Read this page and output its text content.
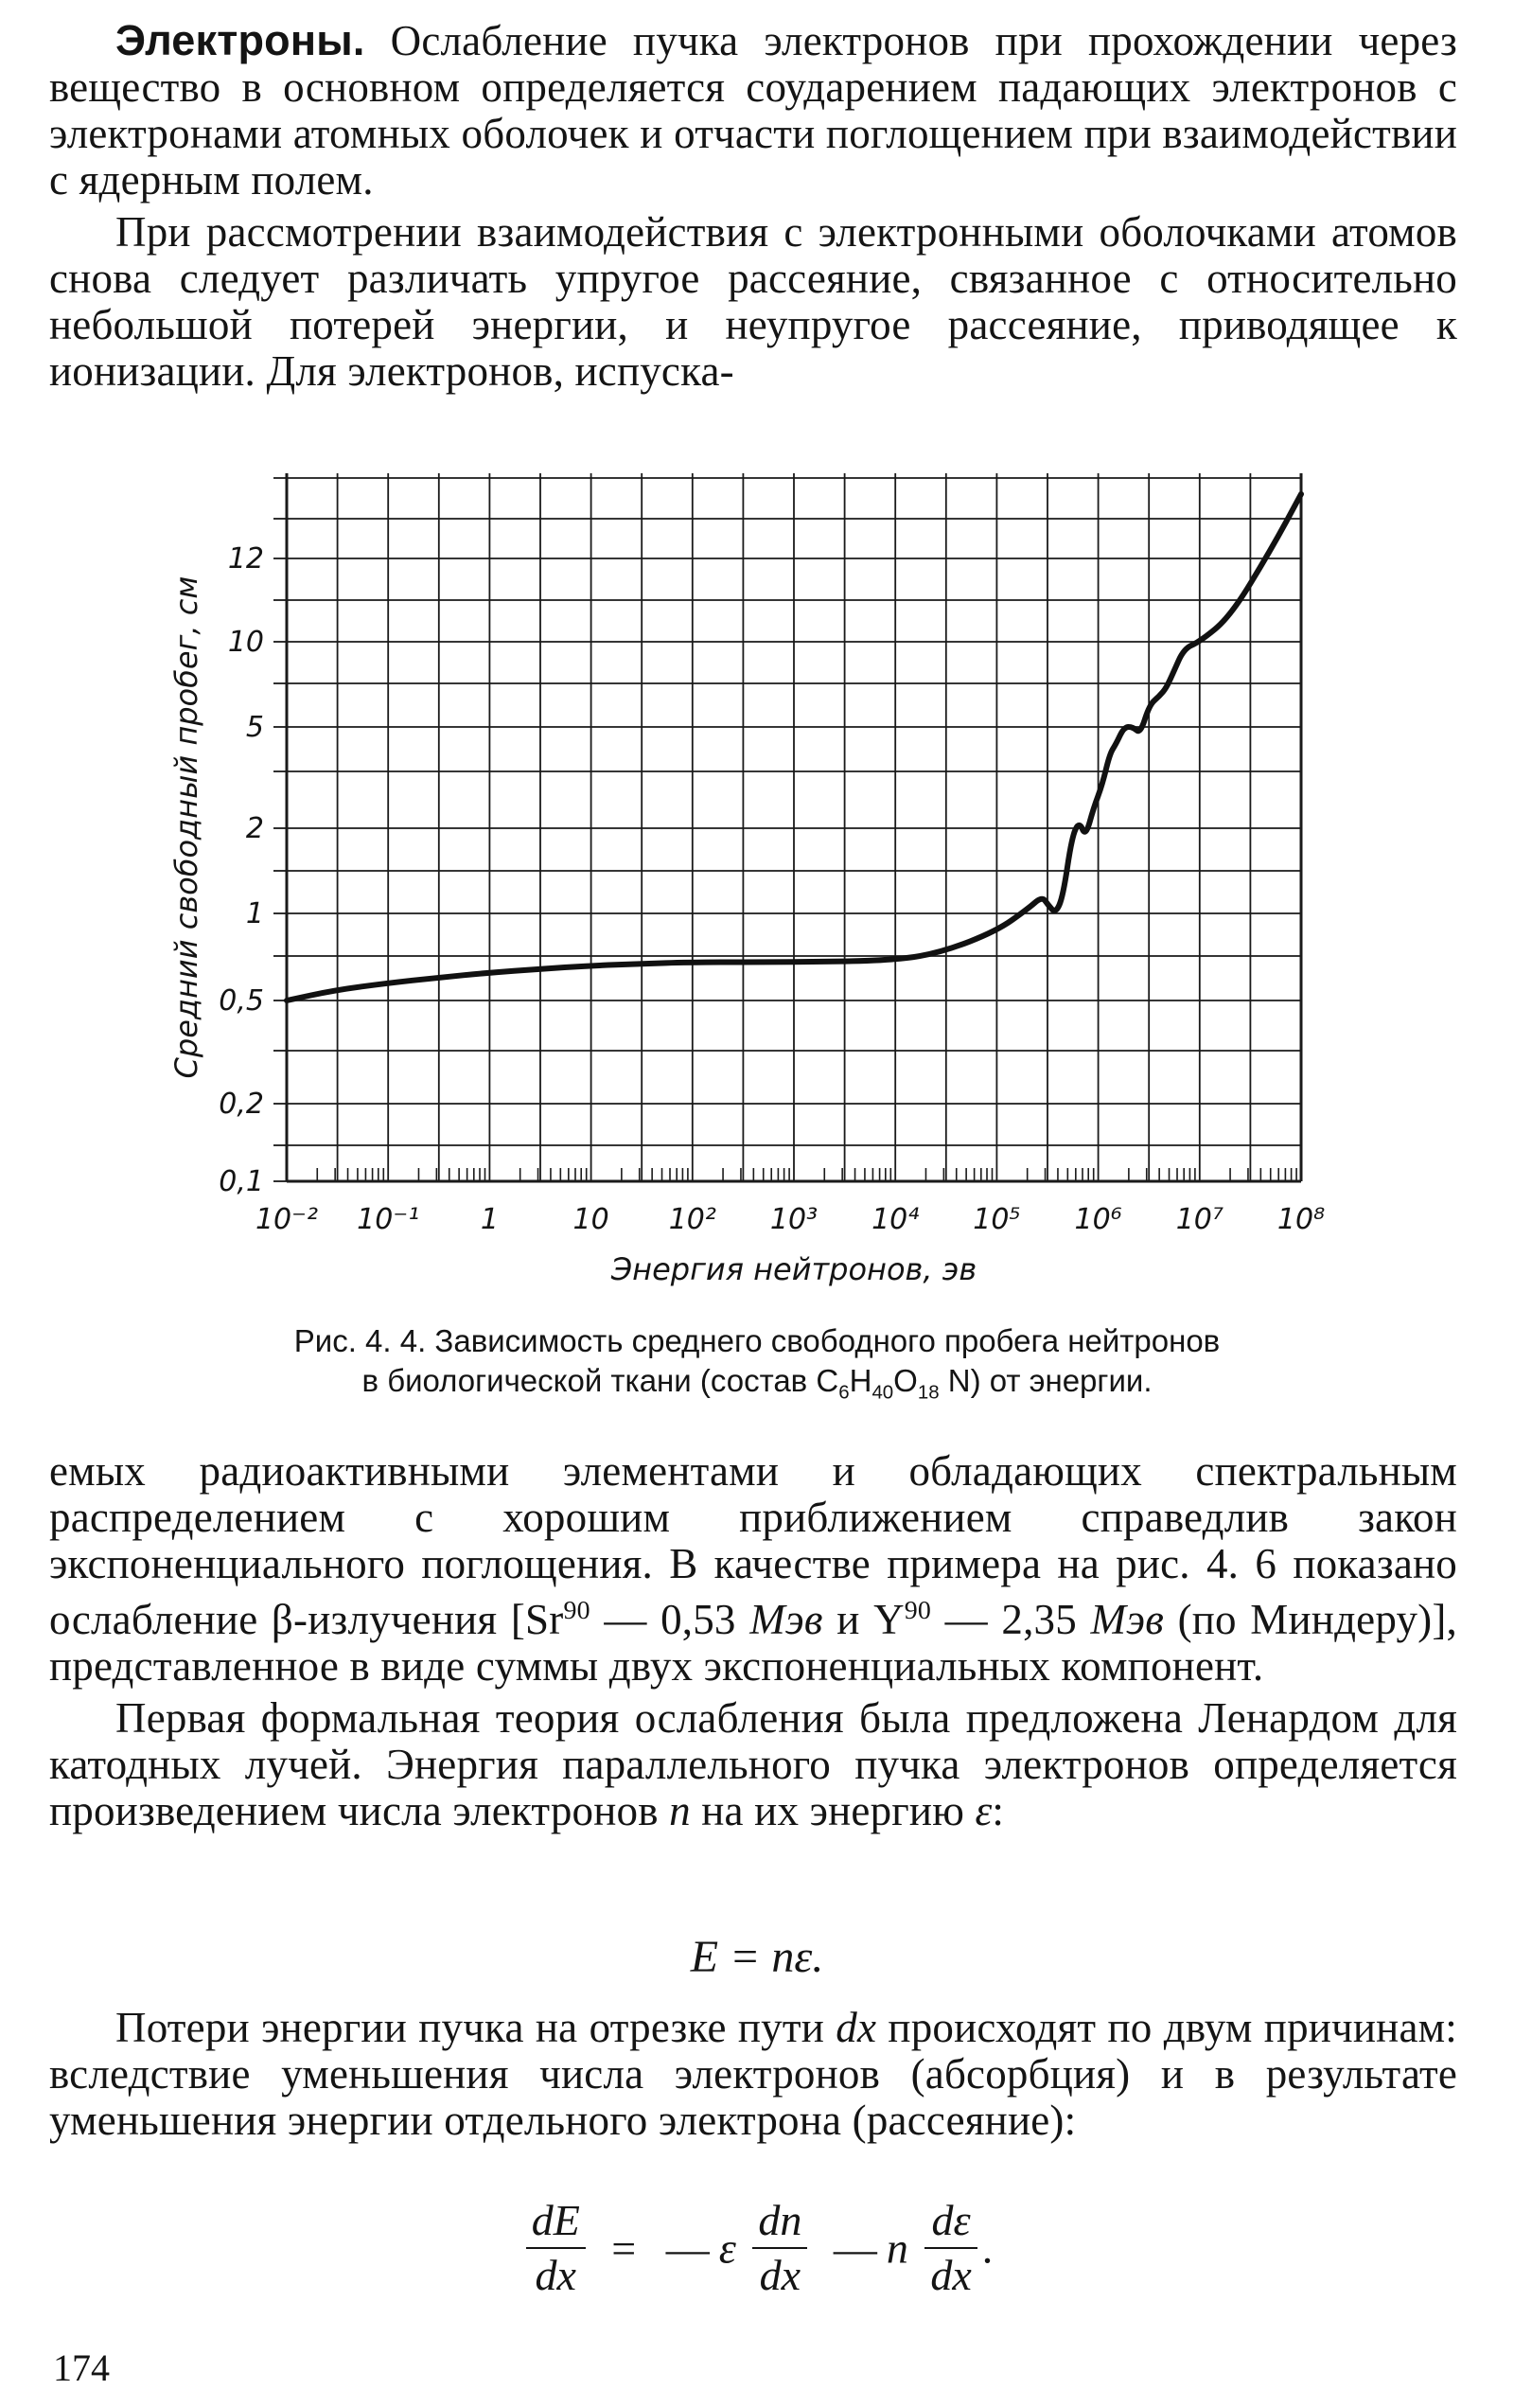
Электроны. Ослабление пучка электронов при прохождении через вещество в основном определяется соударением падающих электронов с электронами атомных оболочек и отчасти поглощением при взаимодействии с ядерным полем.

При рассмотрении взаимодействия с электронными оболочками атомов снова следует различать упругое рассеяние, связанное с относительно небольшой потерей энергии, и неупругое рассеяние, приводящее к ионизации. Для электронов, испуска-

10⁻² 10⁻¹ 1	10 10² 10³ 10⁴ 10⁵ 10⁶ 10⁷ 10⁸
0,1
0,2
0,5
1
2
5
10
12
Энергия нейтронов, эв
Средний свободный пробег, см
Рис. 4. 4. Зависимость среднего свободного пробега нейтронов
в биологической ткани (состав $C_6H_{40}O_{18}$ N) от энергии.

емых радиоактивными элементами и обладающих спектральным распределением с хорошим приближением справедлив закон экспоненциального поглощения. В качестве примера на рис. 4. 6 показано ослабление β-излучения [Sr$^{90}$ — 0,53 Мэв и $Y^{90}$ — 2,35 Мэв (по Миндеру)], представленное в виде суммы двух экспоненциальных компонент.

Первая формальная теория ослабления была предложена Ленардом для катодных лучей. Энергия параллельного пучка электронов определяется произведением числа электронов n на их энергию ε:

E = nε.

Потери энергии пучка на отрезке пути dx происходят по двум причинам: вследствие уменьшения числа электронов (абсорбция) и в результате уменьшения энергии отдельного электрона (рассеяние):

$\frac{dE}{dx}$ = — ε $\frac{dn}{dx}$ — n $\frac{d\varepsilon}{dx}$ .
174
